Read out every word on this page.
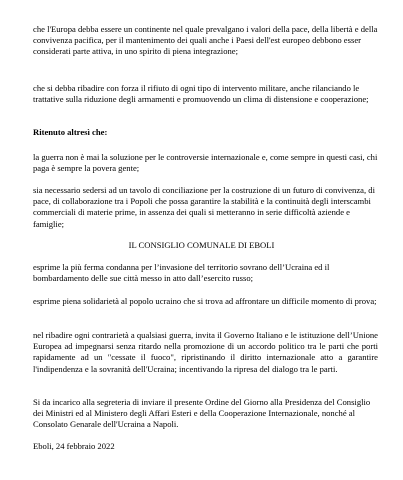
che l'Europa debba essere un continente nel quale prevalgano i valori della pace, della libertà e della convivenza pacifica, per il mantenimento dei quali anche i Paesi dell'est europeo debbono esser considerati parte attiva, in uno spirito di piena integrazione;

che si debba ribadire con forza il rifiuto di ogni tipo di intervento militare, anche rilanciando le trattative sulla riduzione degli armamenti e promuovendo un clima di distensione e cooperazione;

Ritenuto altresì che:

la guerra non è mai la soluzione per le controversie internazionale e, come sempre in questi casi, chi paga è sempre la povera gente;

sia necessario sedersi ad un tavolo di conciliazione per la costruzione di un futuro di convivenza, di pace, di collaborazione tra i Popoli che possa garantire la stabilità e la continuità degli interscambi commerciali di materie prime, in assenza dei quali si metteranno in serie difficoltà aziende e famiglie;

IL CONSIGLIO COMUNALE DI EBOLI

esprime la più ferma condanna per l’invasione del territorio sovrano dell’Ucraina ed il bombardamento delle sue città messo in atto dall’esercito russo;

esprime piena solidarietà al popolo ucraino che si trova ad affrontare un difficile momento di prova;

nel ribadire ogni contrarietà a qualsiasi guerra, invita il Governo Italiano e le istituzione dell’Unione Europea ad impegnarsi senza ritardo nella promozione di un accordo politico tra le parti che porti rapidamente ad un "cessate il fuoco", ripristinando il diritto internazionale atto a garantire l'indipendenza e la sovranità dell'Ucraina; incentivando la ripresa del dialogo tra le parti.

Si da incarico alla segreteria di inviare il presente Ordine del Giorno alla Presidenza del Consiglio dei Ministri ed al Ministero degli Affari Esteri e della Cooperazione Internazionale, nonché al Consolato Genarale dell'Ucraina a Napoli.

Eboli, 24 febbraio 2022
